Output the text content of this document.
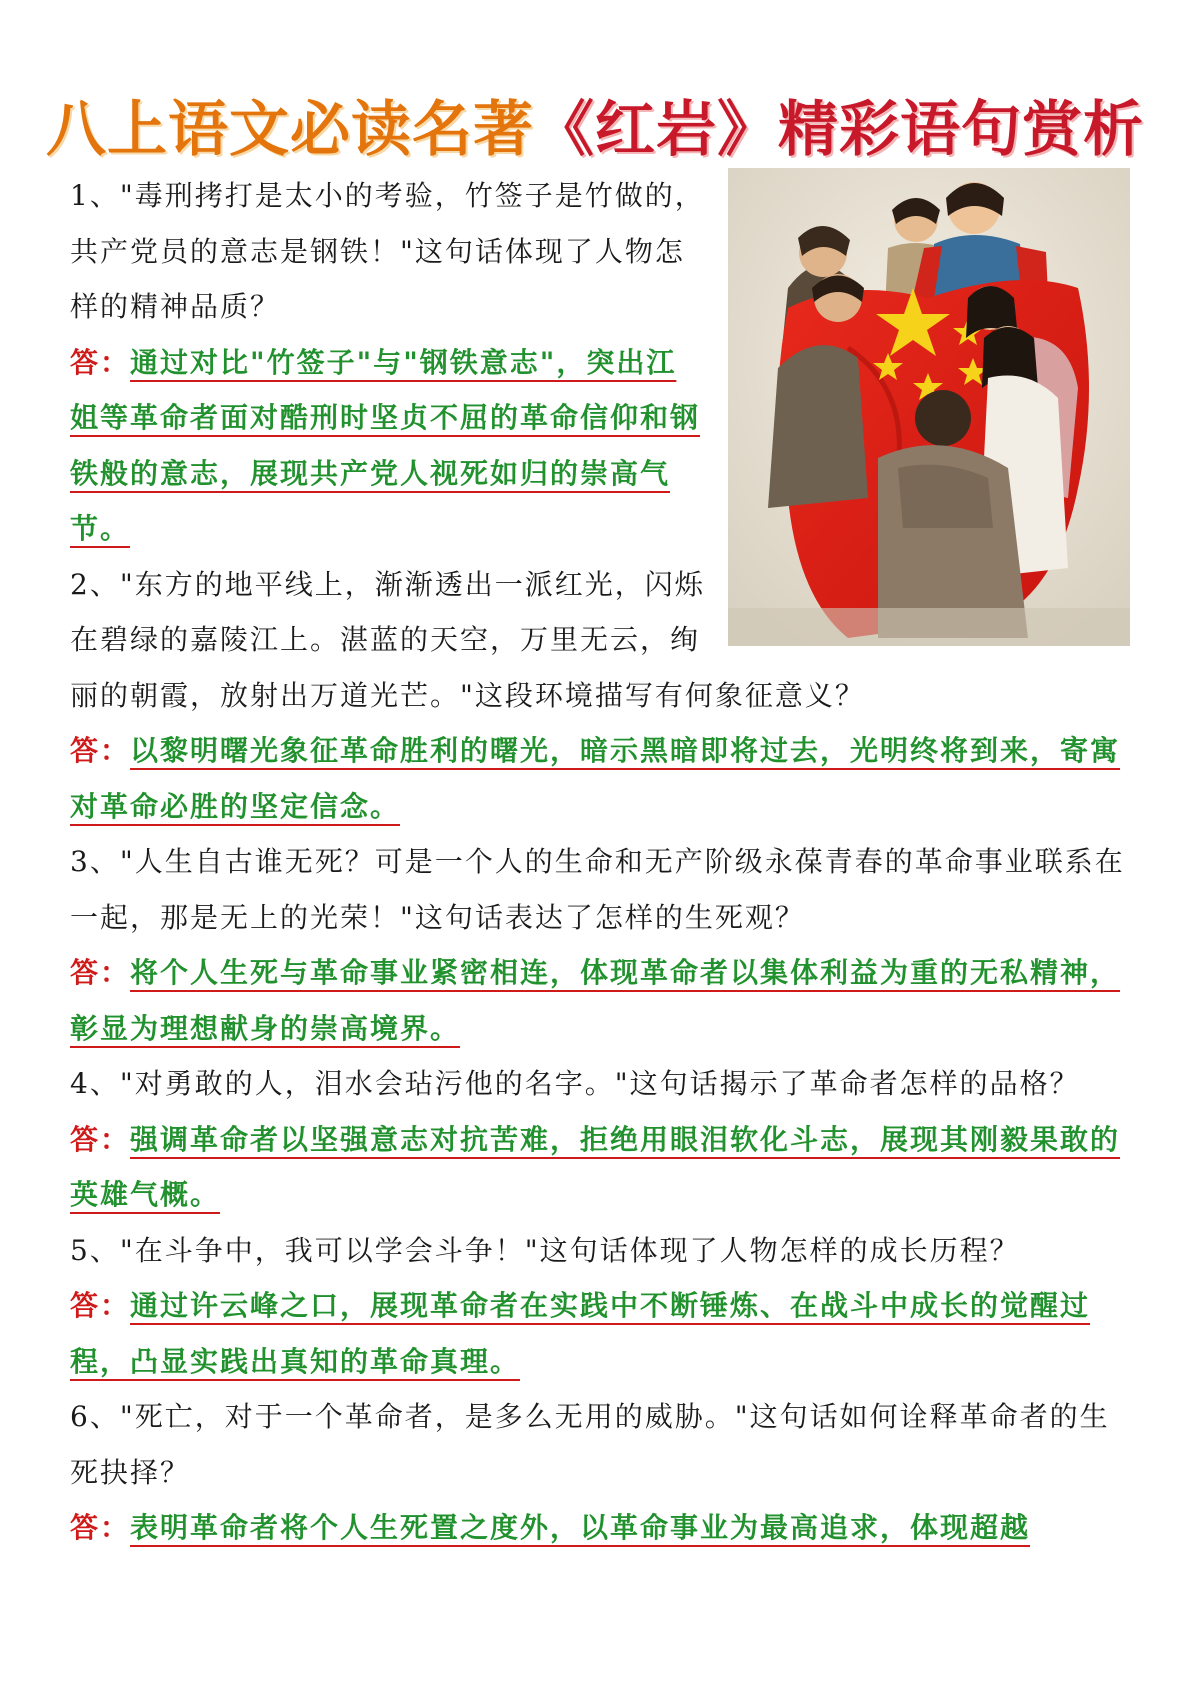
八上语文必读名著《红岩》精彩语句赏析

1、"毒刑拷打是太小的考验，竹签子是竹做的，共产党员的意志是钢铁！"这句话体现了人物怎样的精神品质？

答：通过对比"竹签子"与"钢铁意志"，突出江姐等革命者面对酷刑时坚贞不屈的革命信仰和钢铁般的意志，展现共产党人视死如归的崇高气节。

2、"东方的地平线上，渐渐透出一派红光，闪烁在碧绿的嘉陵江上。湛蓝的天空，万里无云，绚丽的朝霞，放射出万道光芒。"这段环境描写有何象征意义？

答：以黎明曙光象征革命胜利的曙光，暗示黑暗即将过去，光明终将到来，寄寓对革命必胜的坚定信念。

3、"人生自古谁无死？可是一个人的生命和无产阶级永葆青春的革命事业联系在一起，那是无上的光荣！"这句话表达了怎样的生死观？

答：将个人生死与革命事业紧密相连，体现革命者以集体利益为重的无私精神，彰显为理想献身的崇高境界。

4、"对勇敢的人，泪水会玷污他的名字。"这句话揭示了革命者怎样的品格？

答：强调革命者以坚强意志对抗苦难，拒绝用眼泪软化斗志，展现其刚毅果敢的英雄气概。

5、"在斗争中，我可以学会斗争！"这句话体现了人物怎样的成长历程？

答：通过许云峰之口，展现革命者在实践中不断锤炼、在战斗中成长的觉醒过程，凸显实践出真知的革命真理。

6、"死亡，对于一个革命者，是多么无用的威胁。"这句话如何诠释革命者的生死抉择？

答：表明革命者将个人生死置之度外，以革命事业为最高追求，体现超越
